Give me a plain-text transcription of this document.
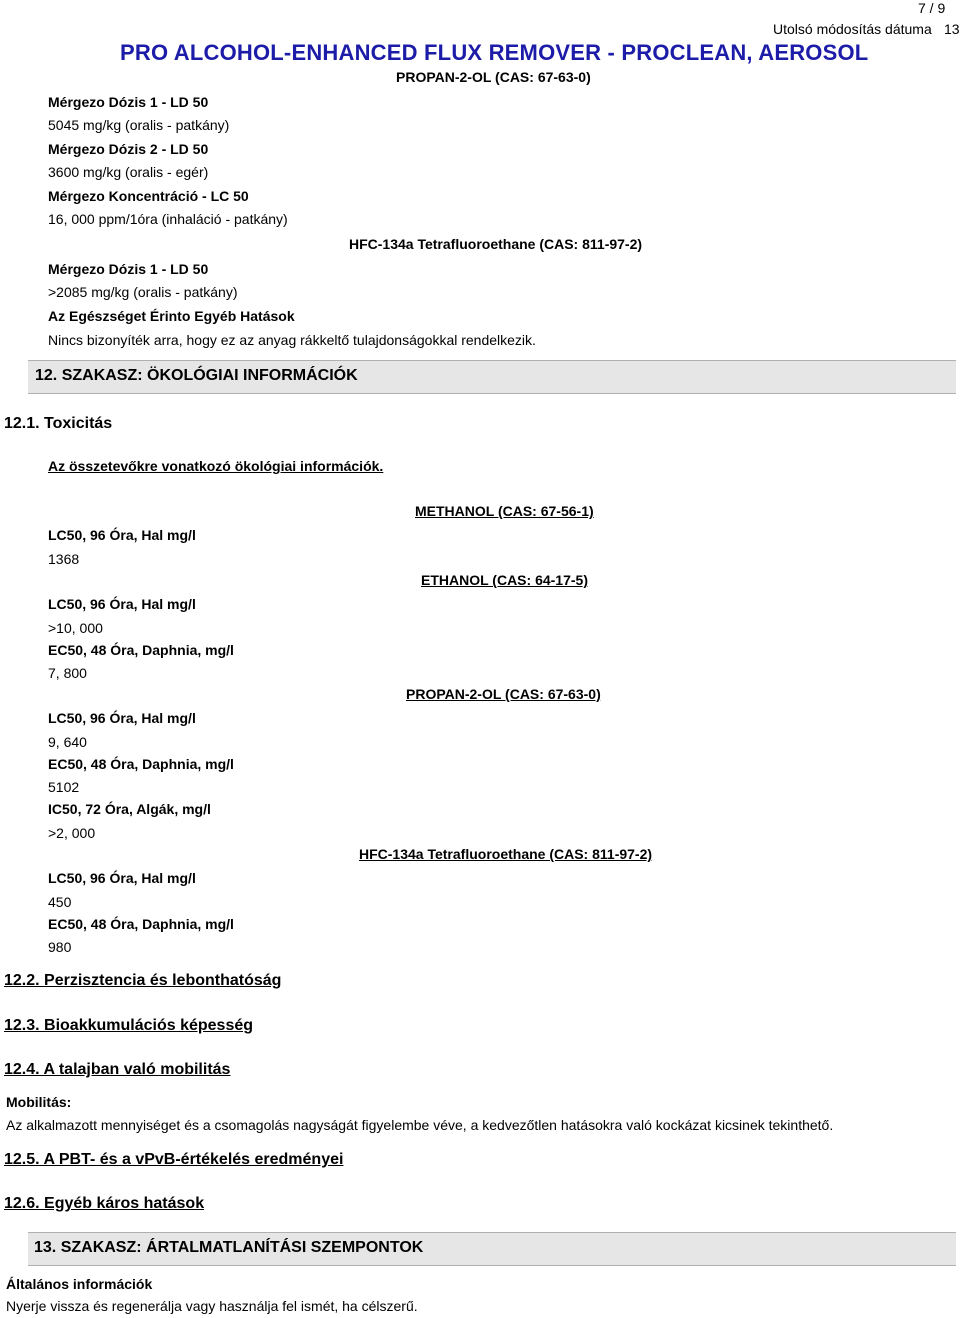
7 / 9
Utolsó módosítás dátuma 13
PRO ALCOHOL-ENHANCED FLUX REMOVER - PROCLEAN, AEROSOL
PROPAN-2-OL (CAS: 67-63-0)
Mérgezo Dózis 1 - LD 50
5045 mg/kg (oralis - patkány)
Mérgezo Dózis 2 - LD 50
3600 mg/kg (oralis - egér)
Mérgezo Koncentráció - LC 50
16, 000 ppm/1óra (inhaláció - patkány)
HFC-134a Tetrafluoroethane (CAS: 811-97-2)
Mérgezo Dózis 1 - LD 50
>2085 mg/kg (oralis - patkány)
Az Egészséget Érinto Egyéb Hatások
Nincs bizonyíték arra, hogy ez az anyag rákkeltő tulajdonságokkal rendelkezik.
12. SZAKASZ: ÖKOLÓGIAI INFORMÁCIÓK
12.1. Toxicitás
Az összetevőkre vonatkozó ökológiai információk.
METHANOL (CAS: 67-56-1)
ETHANOL (CAS: 64-17-5)
PROPAN-2-OL (CAS: 67-63-0)
HFC-134a Tetrafluoroethane (CAS: 811-97-2)
LC50, 96 Óra, Hal mg/l
1368
LC50, 96 Óra, Hal mg/l
>10, 000
EC50, 48 Óra, Daphnia, mg/l
7, 800
LC50, 96 Óra, Hal mg/l
9, 640
EC50, 48 Óra, Daphnia, mg/l
5102
IC50, 72 Óra, Algák, mg/l
>2, 000
LC50, 96 Óra, Hal mg/l
450
EC50, 48 Óra, Daphnia, mg/l
980
12.2. Perzisztencia és lebonthatóság
12.3. Bioakkumulációs képesség
12.4. A talajban való mobilitás
Mobilitás:
Az alkalmazott mennyiséget és a csomagolás nagyságát figyelembe véve, a kedvezőtlen hatásokra való kockázat kicsinek tekinthető.
12.5. A PBT- és a vPvB-értékelés eredményei
12.6. Egyéb káros hatások
13. SZAKASZ: ÁRTALMATLANÍTÁSI SZEMPONTOK
Általános információk
Nyerje vissza és regenerálja vagy használja fel ismét, ha célszerű.
